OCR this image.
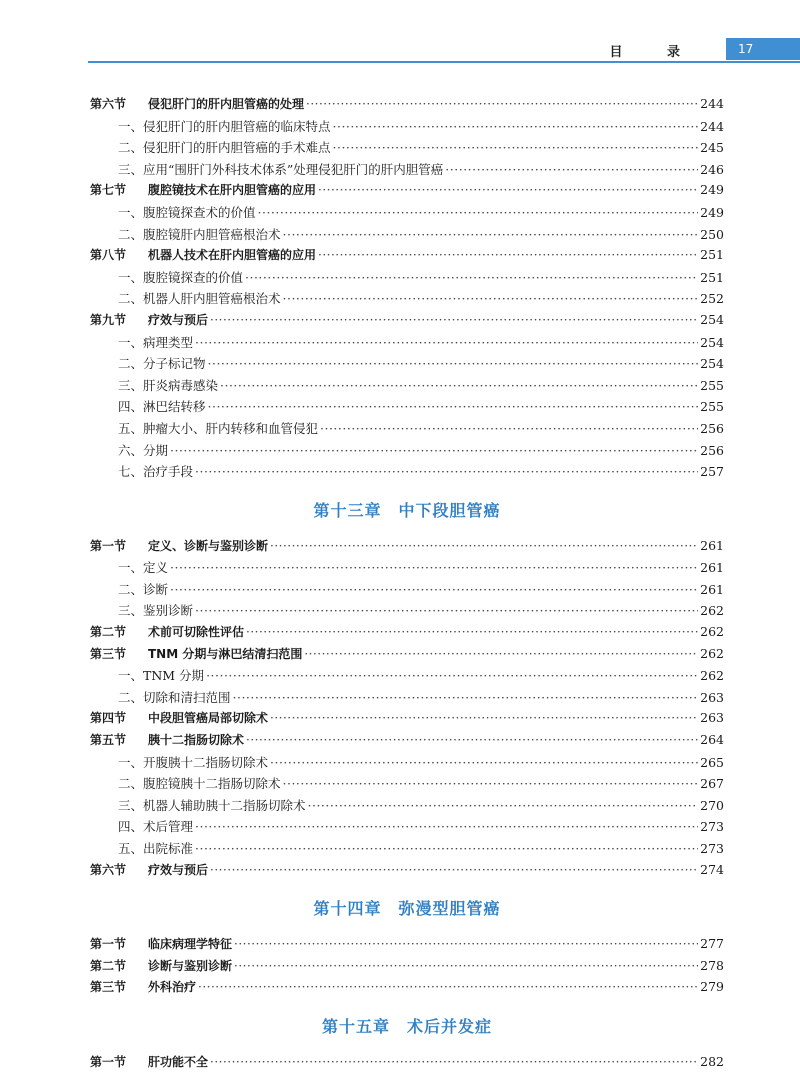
目 录	17
第六节	侵犯肝门的肝内胆管癌的处理 ·····	244
一、侵犯肝门的肝内胆管癌的临床特点 ·····	244
二、侵犯肝门的肝内胆管癌的手术难点 ·····	245
三、应用“围肝门外科技术体系”处理侵犯肝门的肝内胆管癌 ·····	246
第七节	腹腔镜技术在肝内胆管癌的应用 ·····	249
一、腹腔镜探查术的价值 ·····	249
二、腹腔镜肝内胆管癌根治术 ·····	250
第八节	机器人技术在肝内胆管癌的应用 ·····	251
一、腹腔镜探查的价值 ·····	251
二、机器人肝内胆管癌根治术 ·····	252
第九节	疗效与预后 ·····	254
一、病理类型 ·····	254
二、分子标记物 ·····	254
三、肝炎病毒感染 ·····	255
四、淋巴结转移 ·····	255
五、肿瘤大小、肝内转移和血管侵犯 ·····	256
六、分期 ·····	256
七、治疗手段 ·····	257
第十三章　中下段胆管癌
第一节	定义、诊断与鉴别诊断 ·····	261
一、定义 ·····	261
二、诊断 ·····	261
三、鉴别诊断 ·····	262
第二节	术前可切除性评估 ·····	262
第三节	TNM 分期与淋巴结清扫范围 ·····	262
一、TNM 分期 ·····	262
二、切除和清扫范围 ·····	263
第四节	中段胆管癌局部切除术 ·····	263
第五节	胰十二指肠切除术 ·····	264
一、开腹胰十二指肠切除术 ·····	265
二、腹腔镜胰十二指肠切除术 ·····	267
三、机器人辅助胰十二指肠切除术 ·····	270
四、术后管理 ·····	273
五、出院标准 ·····	273
第六节	疗效与预后 ·····	274
第十四章　弥漫型胆管癌
第一节	临床病理学特征 ·····	277
第二节	诊断与鉴别诊断 ·····	278
第三节	外科治疗 ·····	279
第十五章　术后并发症
第一节	肝功能不全 ·····	282
